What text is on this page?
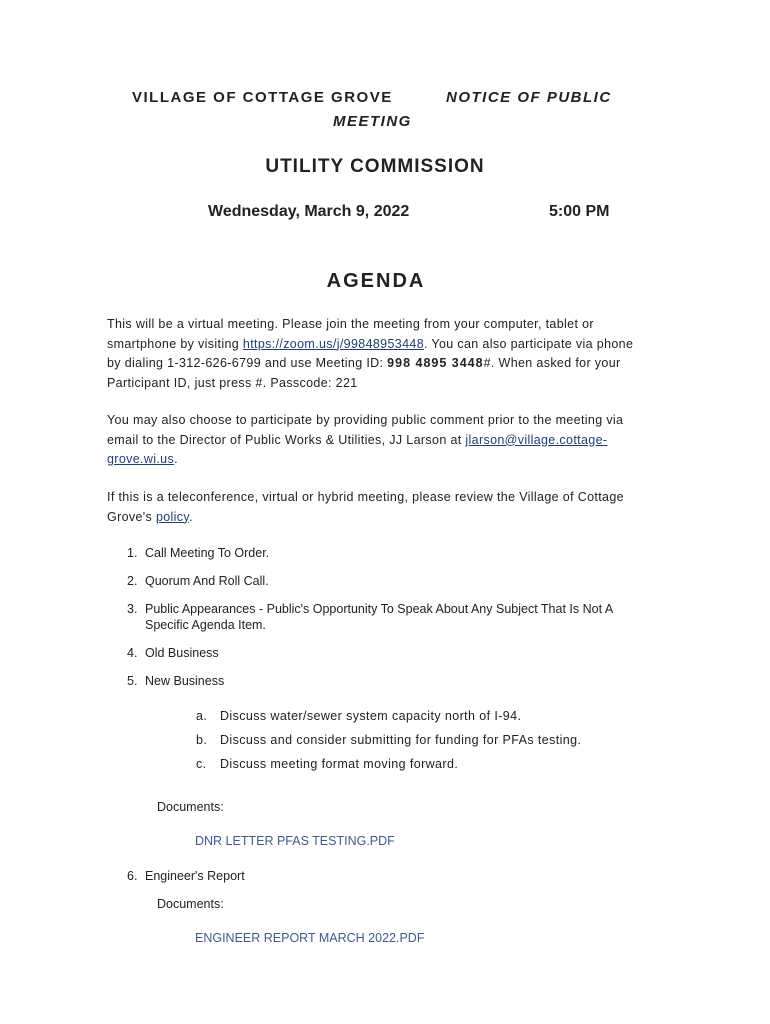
VILLAGE OF COTTAGE GROVE	NOTICE OF PUBLIC
MEETING
UTILITY COMMISSION
Wednesday, March 9, 2022	5:00 PM
AGENDA
This will be a virtual meeting. Please join the meeting from your computer, tablet or smartphone by visiting https://zoom.us/j/99848953448. You can also participate via phone by dialing 1-312-626-6799 and use Meeting ID: 998 4895 3448#. When asked for your Participant ID, just press #. Passcode: 221
You may also choose to participate by providing public comment prior to the meeting via email to the Director of Public Works & Utilities, JJ Larson at jlarson@village.cottage-grove.wi.us.
If this is a teleconference, virtual or hybrid meeting, please review the Village of Cottage Grove's policy.
1. Call Meeting To Order.
2. Quorum And Roll Call.
3. Public Appearances - Public's Opportunity To Speak About Any Subject That Is Not A Specific Agenda Item.
4. Old Business
5. New Business
a. Discuss water/sewer system capacity north of I-94.
b. Discuss and consider submitting for funding for PFAs testing.
c. Discuss meeting format moving forward.
Documents:
DNR LETTER PFAS TESTING.PDF
6. Engineer's Report
Documents:
ENGINEER REPORT MARCH 2022.PDF
